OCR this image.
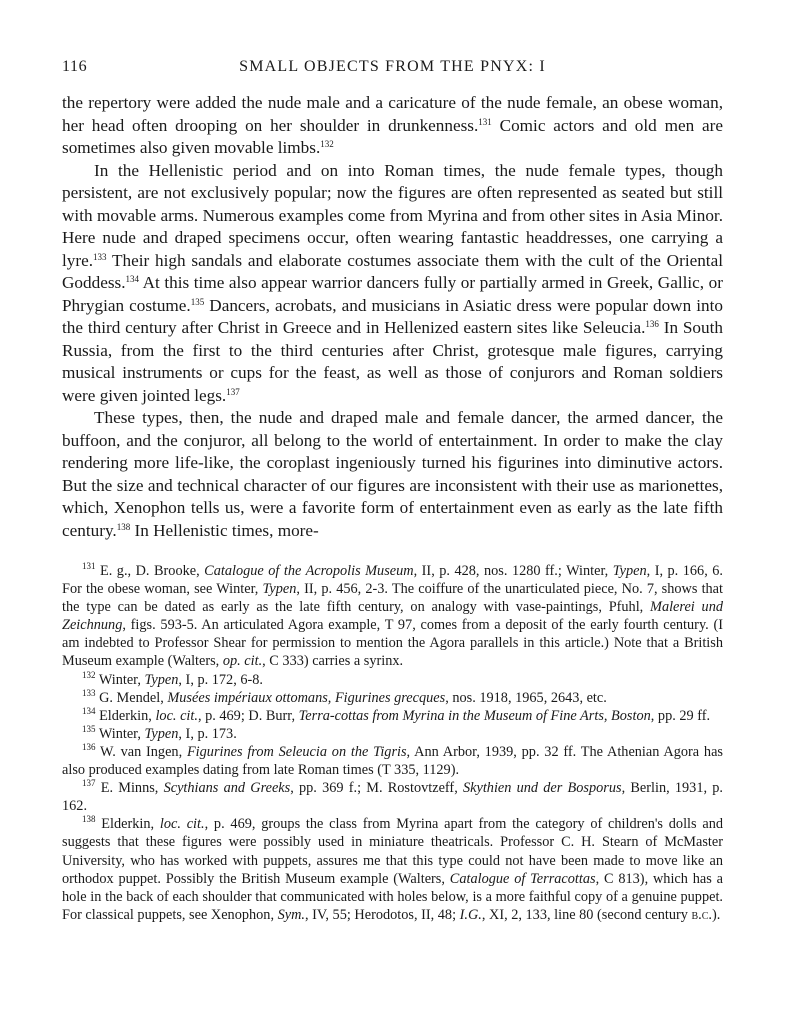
116	SMALL OBJECTS FROM THE PNYX: I

the repertory were added the nude male and a caricature of the nude female, an obese woman, her head often drooping on her shoulder in drunkenness.$^{131}$ Comic actors and old men are sometimes also given movable limbs.$^{132}$

In the Hellenistic period and on into Roman times, the nude female types, though persistent, are not exclusively popular; now the figures are often represented as seated but still with movable arms. Numerous examples come from Myrina and from other sites in Asia Minor. Here nude and draped specimens occur, often wearing fantastic headdresses, one carrying a lyre.$^{133}$ Their high sandals and elaborate costumes associate them with the cult of the Oriental Goddess.$^{134}$ At this time also appear warrior dancers fully or partially armed in Greek, Gallic, or Phrygian costume.$^{135}$ Dancers, acrobats, and musicians in Asiatic dress were popular down into the third century after Christ in Greece and in Hellenized eastern sites like Seleucia.$^{136}$ In South Russia, from the first to the third centuries after Christ, grotesque male figures, carrying musical instruments or cups for the feast, as well as those of conjurors and Roman soldiers were given jointed legs.$^{137}$

These types, then, the nude and draped male and female dancer, the armed dancer, the buffoon, and the conjuror, all belong to the world of entertainment. In order to make the clay rendering more life-like, the coroplast ingeniously turned his figurines into diminutive actors. But the size and technical character of our figures are inconsistent with their use as marionettes, which, Xenophon tells us, were a favorite form of entertainment even as early as the late fifth century.$^{138}$ In Hellenistic times, more-

$^{131}$ E. g., D. Brooke, Catalogue of the Acropolis Museum, II, p. 428, nos. 1280 ff.; Winter, Typen, I, p. 166, 6. For the obese woman, see Winter, Typen, II, p. 456, 2-3. The coiffure of the unarticulated piece, No. 7, shows that the type can be dated as early as the late fifth century, on analogy with vase-paintings, Pfuhl, Malerei und Zeichnung, figs. 593-5. An articulated Agora example, T 97, comes from a deposit of the early fourth century. (I am indebted to Professor Shear for permission to mention the Agora parallels in this article.) Note that a British Museum example (Walters, op. cit., C 333) carries a syrinx.

$^{132}$ Winter, Typen, I, p. 172, 6-8.

$^{133}$ G. Mendel, Musées impériaux ottomans, Figurines grecques, nos. 1918, 1965, 2643, etc.

$^{134}$ Elderkin, loc. cit., p. 469; D. Burr, Terra-cottas from Myrina in the Museum of Fine Arts, Boston, pp. 29 ff.

$^{135}$ Winter, Typen, I, p. 173.

$^{136}$ W. van Ingen, Figurines from Seleucia on the Tigris, Ann Arbor, 1939, pp. 32 ff. The Athenian Agora has also produced examples dating from late Roman times (T 335, 1129).

$^{137}$ E. Minns, Scythians and Greeks, pp. 369 f.; M. Rostovtzeff, Skythien und der Bosporus, Berlin, 1931, p. 162.

$^{138}$ Elderkin, loc. cit., p. 469, groups the class from Myrina apart from the category of children's dolls and suggests that these figures were possibly used in miniature theatricals. Professor C. H. Stearn of McMaster University, who has worked with puppets, assures me that this type could not have been made to move like an orthodox puppet. Possibly the British Museum example (Walters, Catalogue of Terracottas, C 813), which has a hole in the back of each shoulder that communicated with holes below, is a more faithful copy of a genuine puppet. For classical puppets, see Xenophon, Sym., IV, 55; Herodotos, II, 48; I.G., XI, 2, 133, line 80 (second century b.c.).
